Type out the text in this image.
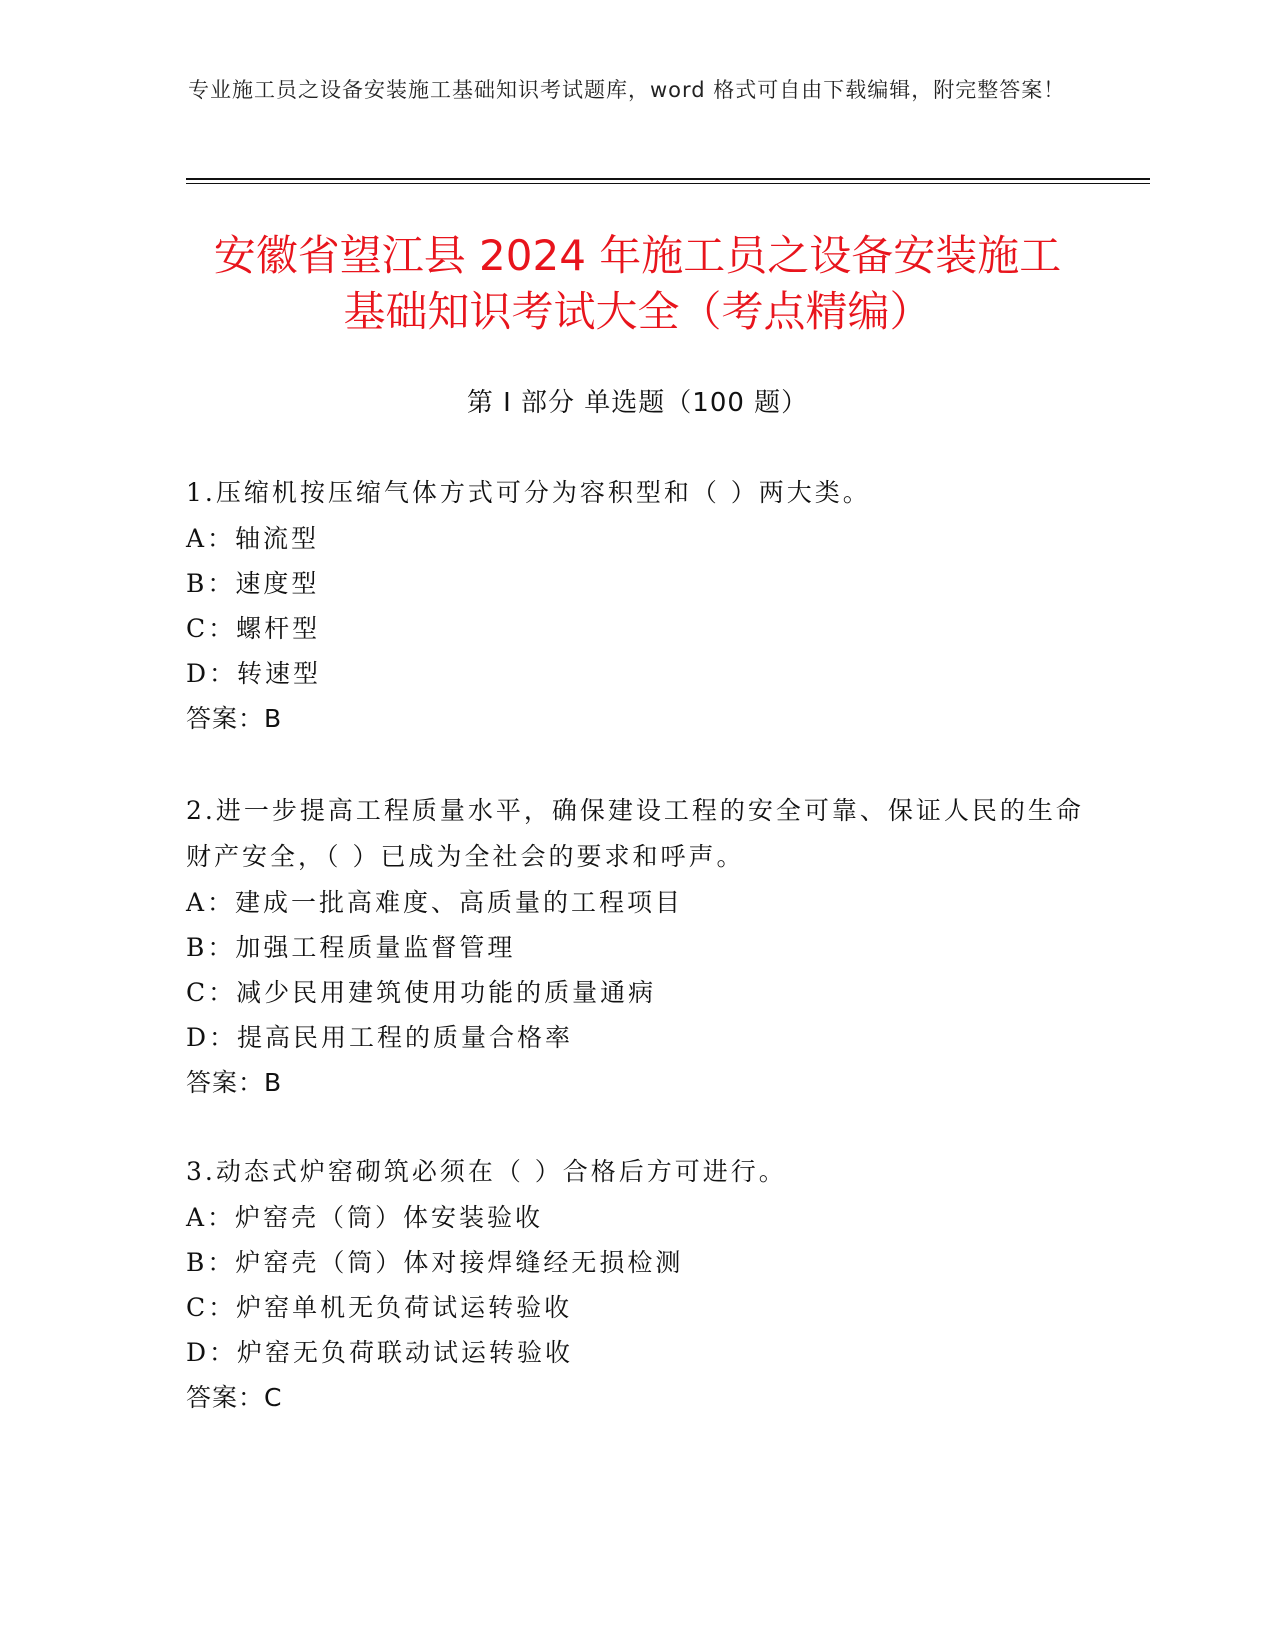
专业施工员之设备安装施工基础知识考试题库，word 格式可自由下载编辑，附完整答案！
安徽省望江县 2024 年施工员之设备安装施工
基础知识考试大全（考点精编）
第 I 部分 单选题（100 题）

1.压缩机按压缩气体方式可分为容积型和（ ）两大类。

A：轴流型

B：速度型

C：螺杆型

D：转速型

答案：B

2.进一步提高工程质量水平，确保建设工程的安全可靠、保证人民的生命财产安全，（ ）已成为全社会的要求和呼声。

A：建成一批高难度、高质量的工程项目

B：加强工程质量监督管理

C：减少民用建筑使用功能的质量通病

D：提高民用工程的质量合格率

答案：B

3.动态式炉窑砌筑必须在（ ）合格后方可进行。

A：炉窑壳（筒）体安装验收

B：炉窑壳（筒）体对接焊缝经无损检测

C：炉窑单机无负荷试运转验收

D：炉窑无负荷联动试运转验收

答案：C
